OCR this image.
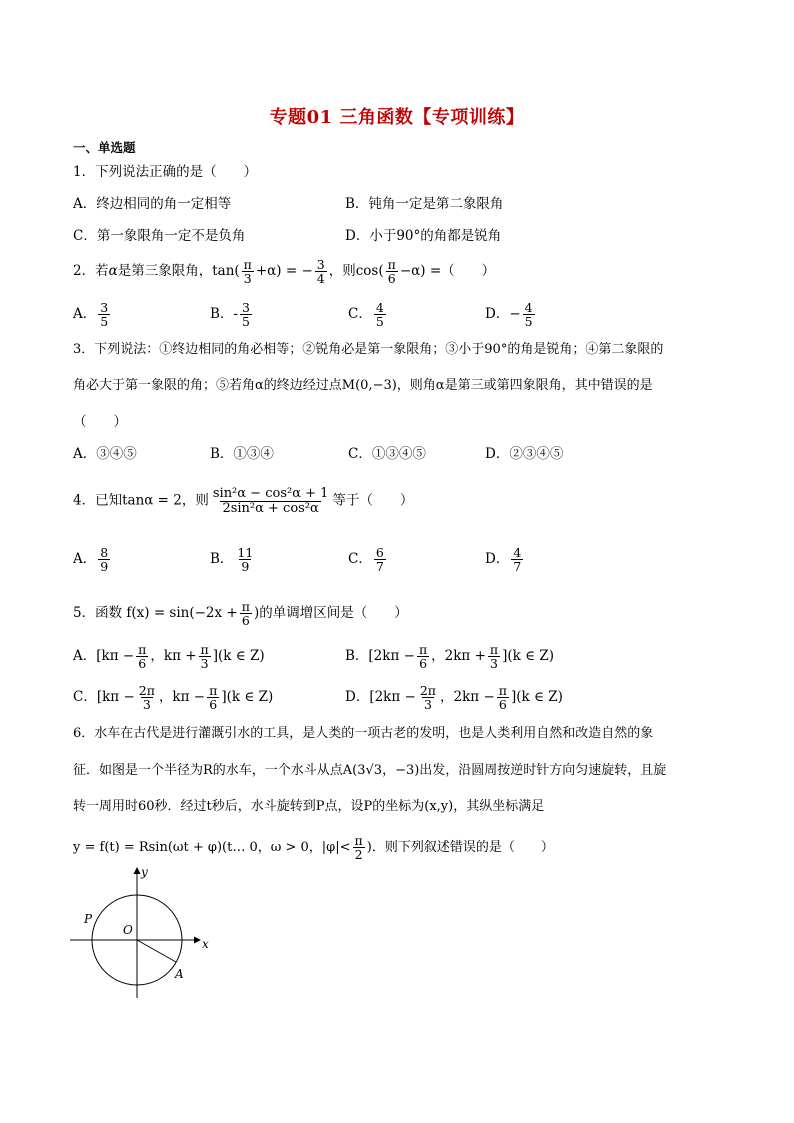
专题01 三角函数【专项训练】
一、单选题
1．下列说法正确的是（　　）
A．终边相同的角一定相等	B．钝角一定是第二象限角
C．第一象限角一定不是负角	D．小于90°的角都是锐角
2．若α是第三象限角，$\tan( \frac{\pi}{3} +\alpha)$ = − $\frac{3}{4}$ ，则$\cos( \frac{\pi}{6} -\alpha)$ =（　　）
A． $\frac{3}{5}$	B．- $\frac{3}{5}$	C． $\frac{4}{5}$	D．− $\frac{4}{5}$
3．下列说法：①终边相同的角必相等；②锐角必是第一象限角；③小于90°的角是锐角；④第二象限的
角必大于第一象限的角；⑤若角α的终边经过点M(0,−3)，则角α是第三或第四象限角，其中错误的是
（　　）
A．③④⑤	B．①③④	C．①③④⑤	D．②③④⑤
4．已知tanα = 2，则 $\frac{\text{sin²α − cos²α + 1}}{\text{2sin²α + cos²α}}$ 等于（　　）
A． $\frac{8}{9}$	B． $\frac{11}{9}$	C． $\frac{6}{7}$	D． $\frac{4}{7}$
5．函数 $f(x) = \sin(-2x + \frac{\pi}{6}$ )的单调增区间是（　　）
A．[$k\pi - \frac{\pi}{6}$ ，$k\pi + \frac{\pi}{3} ](k$ ∈ Z)	B．[$2k\pi - \frac{\pi}{6}$ ，$2k\pi + \frac{\pi}{3} ](k$ ∈ Z)
C．[$k\pi - \frac{2\pi}{3}$ ，$k\pi - \frac{\pi}{6} ](k$ ∈ Z)	D．[$2k\pi - \frac{2\pi}{3}$ ，$2k\pi - \frac{\pi}{6} ](k$ ∈ Z)
6．水车在古代是进行灌溉引水的工具，是人类的一项古老的发明，也是人类利用自然和改造自然的象
征．如图是一个半径为R的水车，一个水斗从点A(3√3，−3)出发，沿圆周按逆时针方向匀速旋转，且旋
转一周用时60秒．经过t秒后，水斗旋转到P点，设P的坐标为(x,y)，其纵坐标满足
y = f(t) = Rsin(ωt + φ)(t… 0，ω > 0，$|\varphi|< \frac{\pi}{2}$ )．则下列叙述错误的是（　　）
y
x
O
P
A
